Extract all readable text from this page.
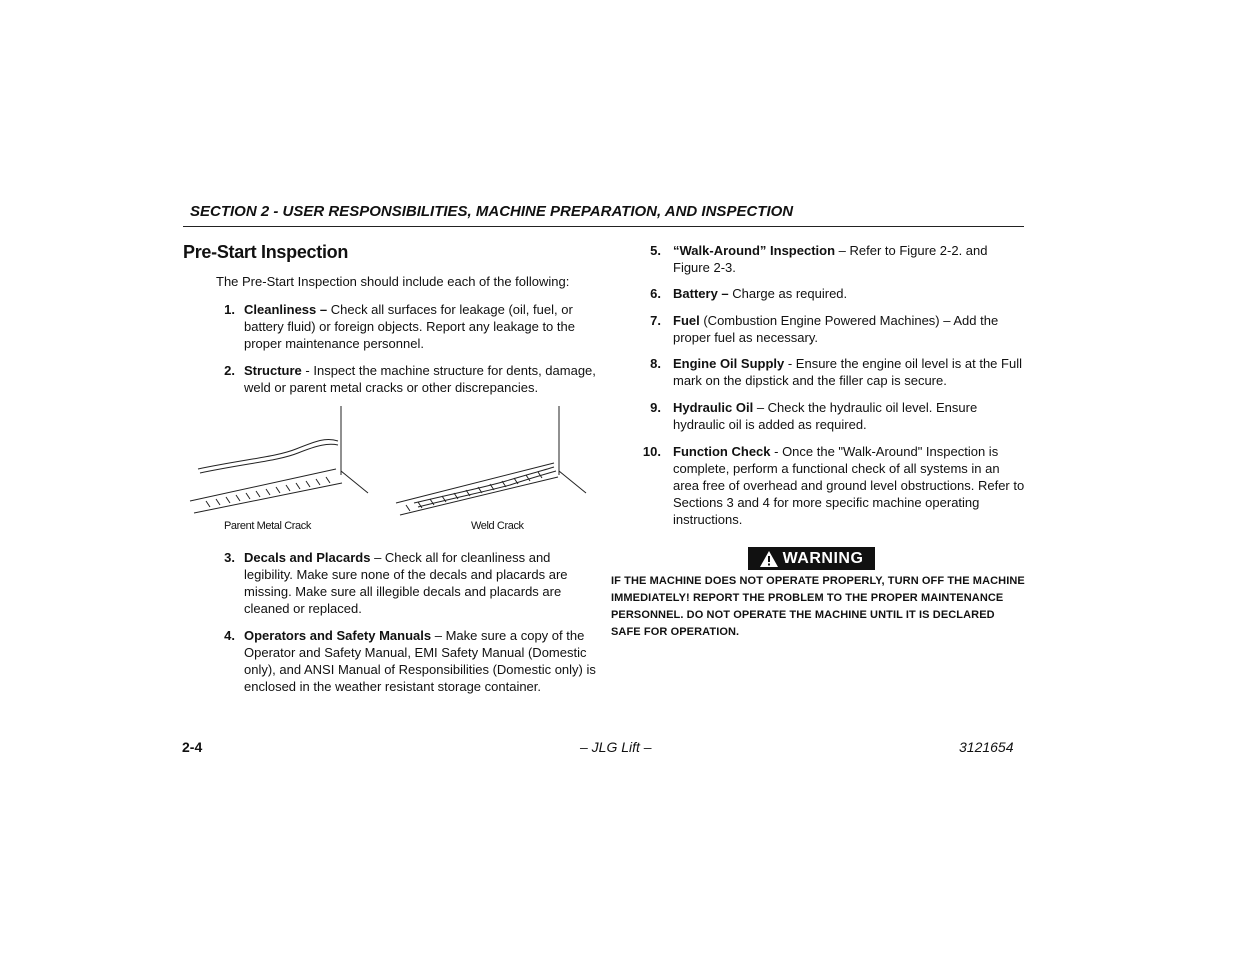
SECTION 2 - USER RESPONSIBILITIES, MACHINE PREPARATION, AND INSPECTION
Pre-Start Inspection
The Pre-Start Inspection should include each of the following:
1. Cleanliness – Check all surfaces for leakage (oil, fuel, or battery fluid) or foreign objects. Report any leakage to the proper maintenance personnel.
2. Structure - Inspect the machine structure for dents, damage, weld or parent metal cracks or other discrepancies.
3. Decals and Placards – Check all for cleanliness and legibility. Make sure none of the decals and placards are missing. Make sure all illegible decals and placards are cleaned or replaced.
4. Operators and Safety Manuals – Make sure a copy of the Operator and Safety Manual, EMI Safety Manual (Domestic only), and ANSI Manual of Responsibilities (Domestic only) is enclosed in the weather resistant storage container.
Parent Metal Crack	Weld Crack
5. “Walk-Around” Inspection – Refer to Figure 2-2. and Figure 2-3.
6. Battery – Charge as required.
7. Fuel (Combustion Engine Powered Machines) – Add the proper fuel as necessary.
8. Engine Oil Supply - Ensure the engine oil level is at the Full mark on the dipstick and the filler cap is secure.
9. Hydraulic Oil – Check the hydraulic oil level. Ensure hydraulic oil is added as required.
10. Function Check - Once the "Walk-Around" Inspection is complete, perform a functional check of all systems in an area free of overhead and ground level obstructions. Refer to Sections 3 and 4 for more specific machine operating instructions.
WARNING
IF THE MACHINE DOES NOT OPERATE PROPERLY, TURN OFF THE MACHINE IMMEDIATELY! REPORT THE PROBLEM TO THE PROPER MAINTENANCE PERSONNEL. DO NOT OPERATE THE MACHINE UNTIL IT IS DECLARED SAFE FOR OPERATION.
2-4	– JLG Lift –	3121654
